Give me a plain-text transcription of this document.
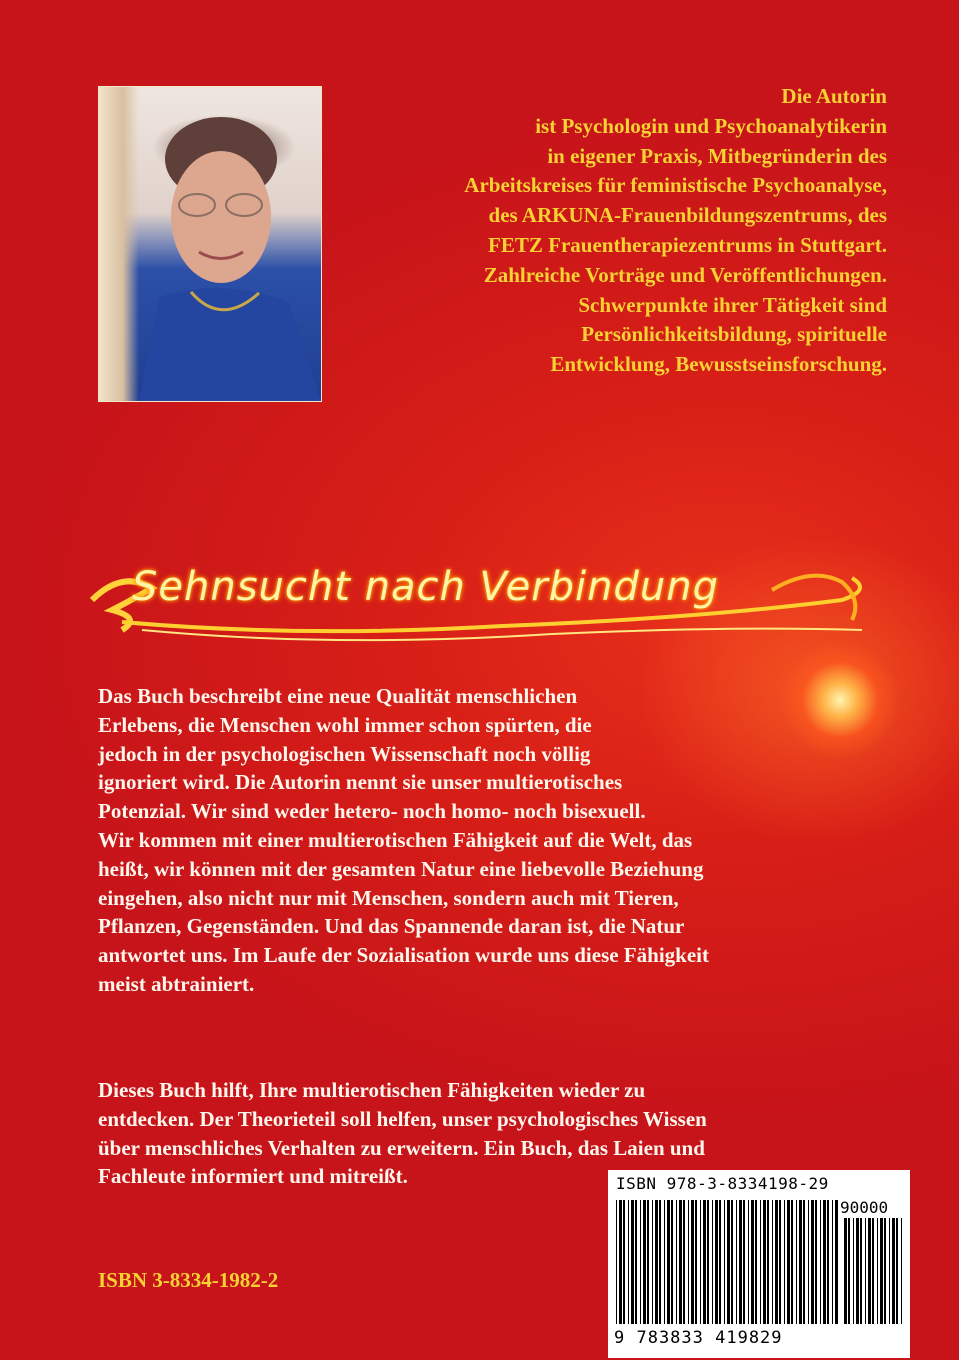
Die Autorin
ist Psychologin und Psychoanalytikerin
in eigener Praxis, Mitbegründerin des
Arbeitskreises für feministische Psychoanalyse,
des ARKUNA-Frauenbildungszentrums, des
FETZ Frauentherapiezentrums in Stuttgart.
Zahlreiche Vorträge und Veröffentlichungen.
Schwerpunkte ihrer Tätigkeit sind
Persönlichkeitsbildung, spirituelle
Entwicklung, Bewusstseinsforschung.
Sehnsucht nach Verbindung
Das Buch beschreibt eine neue Qualität menschlichen
Erlebens, die Menschen wohl immer schon spürten, die
jedoch in der psychologischen Wissenschaft noch völlig
ignoriert wird. Die Autorin nennt sie unser multierotisches
Potenzial. Wir sind weder hetero- noch homo- noch bisexuell.
Wir kommen mit einer multierotischen Fähigkeit auf die Welt, das
heißt, wir können mit der gesamten Natur eine liebevolle Beziehung
eingehen, also nicht nur mit Menschen, sondern auch mit Tieren,
Pflanzen, Gegenständen. Und das Spannende daran ist, die Natur
antwortet uns. Im Laufe der Sozialisation wurde uns diese Fähigkeit
meist abtrainiert.
Dieses Buch hilft, Ihre multierotischen Fähigkeiten wieder zu
entdecken. Der Theorieteil soll helfen, unser psychologisches Wissen
über menschliches Verhalten zu erweitern. Ein Buch, das Laien und
Fachleute informiert und mitreißt.
ISBN 3-8334-1982-2
ISBN 978-3-8334198-29
90000
9 783833 419829
